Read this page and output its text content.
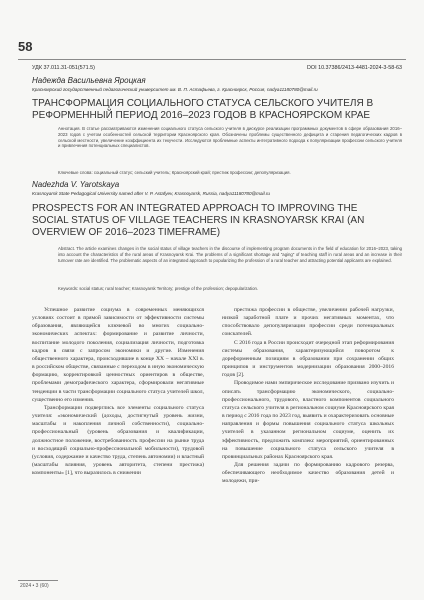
58
УДК 37.011.31-051(571.5)	DOI 10.37386/2413-4481-2024-3-58-63
Надежда Васильевна Яроцкая
Красноярский государственный педагогический университет им. В. П. Астафьева, г. Красноярск, Россия, nadya11180780@mail.ru
ТРАНСФОРМАЦИЯ СОЦИАЛЬНОГО СТАТУСА СЕЛЬСКОГО УЧИТЕЛЯ В РЕФОРМЕННЫЙ ПЕРИОД 2016–2023 ГОДОВ В КРАСНОЯРСКОМ КРАЕ
Аннотация. В статье рассматриваются изменения социального статуса сельского учителя в дискурсе реализации программных документов в сфере образования 2016–2023 годов с учетом особенностей сельской территории Красноярского края. Обозначены проблемы существенного дефицита и старения педагогических кадров в сельской местности, увеличение коэффициента их текучести. Исследуются проблемные аспекты интегративного подхода к популяризации профессии сельского учителя и привлечения потенциальных специалистов.
Ключевые слова: социальный статус; сельский учитель; Красноярский край; престиж профессии; депопуляризация.
Nadezhda V. Yarotskaya
Krasnoyarsk State Pedagogical University named after V. P. Astafyev, Krasnoyarsk, Russia, nadya11180780@mail.ru
PROSPECTS FOR AN INTEGRATED APPROACH TO IMPROVING THE SOCIAL STATUS OF VILLAGE TEACHERS IN KRASNOYARSK KRAI (AN OVERVIEW OF 2016–2023 TIMEFRAME)
Abstract. The article examines changes in the social status of village teachers in the discourse of implementing program documents in the field of education for 2016–2023, taking into account the characteristics of the rural areas of Krasnoyarsk Krai. The problems of a significant shortage and “aging” of teaching staff in rural areas and an increase in their turnover rate are identified. The problematic aspects of an integrated approach to popularizing the profession of a rural teacher and attracting potential applicants are explained.
Keywords: social status; rural teacher; Krasnoyarsk Territory; prestige of the profession; depopularization.

Успешное развитие социума в современных меняющихся условиях состоит в прямой зависимости от эффективности системы образования, являющейся ключевой во многих социально-экономических аспектах: формирование и развитие личности, воспитание молодого поколения, социализация личности, подготовка кадров в связи с запросом экономики и другие. Изменения общественного характера, происходившие в конце XX – начале XXI в. в российском обществе, связанные с переходом в иную экономическую формацию, корректировкой ценностных ориентиров в обществе, проблемами демографического характера, сформировали негативные тенденции в части трансформации социального статуса учителей школ, существенно его изменив.

Трансформации подверглись все элементы социального статуса учителя: «экономический (доходы, достигнутый уровень жизни, масштабы и накопления личной собственности), социально-профессиональный (уровень образования и квалификации, должностное положение, востребованность профессии на рынке труда и восходящий социально-профессиональной мобильности), трудовой (условия, содержание и качество труда, степень автономии) и властный (масштабы влияния, уровень авторитета, степени престижа) компоненты» [1], что выразилось в снижении

престижа профессии в обществе, увеличении рабочей нагрузки, низкой заработной плате и прочих негативных моментах, что способствовало депопуляризации профессии среди потенциальных соискателей.

С 2016 года в России происходит очередной этап реформирования системы образования, характеризующийся поворотом к дореформенным позициям в образовании при сохранении общих принципов и инструментов модернизации образования 2000–2016 годов [2].

Проводимое нами эмпирическое исследование призвано изучить и описать трансформацию экономического, социально-профессионального, трудового, властного компонентов социального статуса сельского учителя в региональном социуме Красноярского края в период с 2016 года по 2023 год, выявить и охарактеризовать основные направления и формы повышения социального статуса школьных учителей в указанном региональном социуме, оценить их эффективность, предложить комплекс мероприятий, ориентированных на повышение социального статуса сельского учителя в провинциальных районах Красноярского края.

Для решения задачи по формированию кадрового резерва, обеспечивающего необходимое качество образования детей и молодежи, при-

2024 • 3 (60)
